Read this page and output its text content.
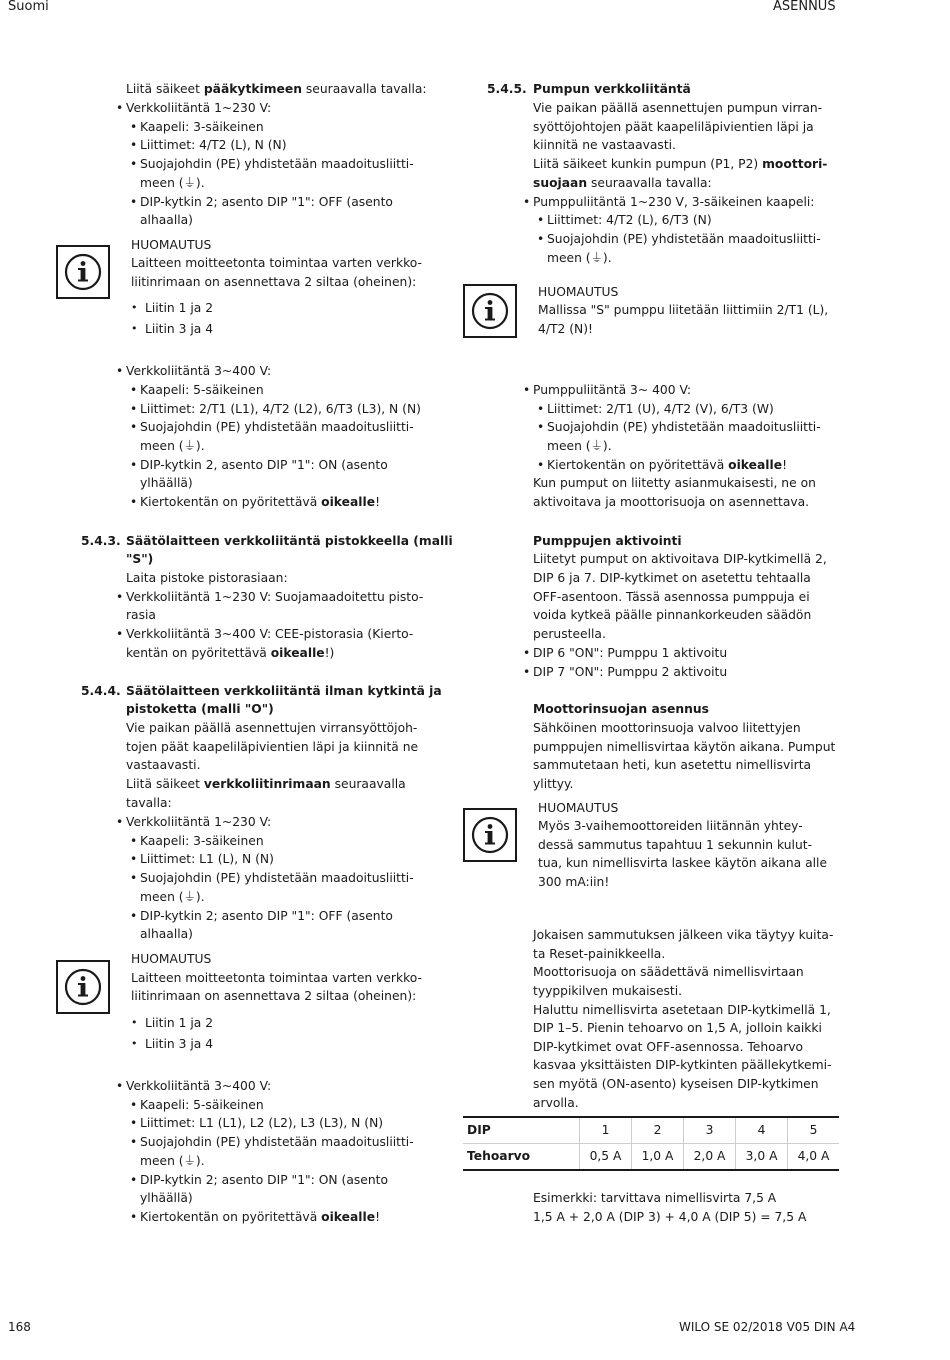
Suomi	ASENNUS
Liitä säikeet pääkytkimeen seuraavalla tavalla:
• Verkkoliitäntä 1~230 V:
• Kaapeli: 3-säikeinen
• Liittimet: 4/T2 (L), N (N)
• Suojajohdin (PE) yhdistetään maadoitusliitti-
meen (⏚).
• DIP-kytkin 2; asento DIP "1": OFF (asento
alhaalla)
HUOMAUTUS
Laitteen moitteetonta toimintaa varten verkko-
liitinrimaan on asennettava 2 siltaa (oheinen):
• Liitin 1 ja 2
• Liitin 3 ja 4
• Verkkoliitäntä 3~400 V:
• Kaapeli: 5-säikeinen
• Liittimet: 2/T1 (L1), 4/T2 (L2), 6/T3 (L3), N (N)
• Suojajohdin (PE) yhdistetään maadoitusliitti-
meen (⏚).
• DIP-kytkin 2, asento DIP "1": ON (asento
ylhäällä)
• Kiertokentän on pyöritettävä oikealle!
5.4.3. Säätölaitteen verkkoliitäntä pistokkeella (malli
"S")
Laita pistoke pistorasiaan:
• Verkkoliitäntä 1~230 V: Suojamaadoitettu pisto-
rasia
• Verkkoliitäntä 3~400 V: CEE-pistorasia (Kierto-
kentän on pyöritettävä oikealle!)
5.4.4. Säätölaitteen verkkoliitäntä ilman kytkintä ja
pistoketta (malli "O")
Vie paikan päällä asennettujen virransyöttöjoh-
tojen päät kaapeliläpivientien läpi ja kiinnitä ne
vastaavasti.
Liitä säikeet verkkoliitinrimaan seuraavalla
tavalla:
• Verkkoliitäntä 1~230 V:
• Kaapeli: 3-säikeinen
• Liittimet: L1 (L), N (N)
• Suojajohdin (PE) yhdistetään maadoitusliitti-
meen (⏚).
• DIP-kytkin 2; asento DIP "1": OFF (asento
alhaalla)
HUOMAUTUS
Laitteen moitteetonta toimintaa varten verkko-
liitinrimaan on asennettava 2 siltaa (oheinen):
• Liitin 1 ja 2
• Liitin 3 ja 4
• Verkkoliitäntä 3~400 V:
• Kaapeli: 5-säikeinen
• Liittimet: L1 (L1), L2 (L2), L3 (L3), N (N)
• Suojajohdin (PE) yhdistetään maadoitusliitti-
meen (⏚).
• DIP-kytkin 2; asento DIP "1": ON (asento
ylhäällä)
• Kiertokentän on pyöritettävä oikealle!
5.4.5. Pumpun verkkoliitäntä
Vie paikan päällä asennettujen pumpun virran-
syöttöjohtojen päät kaapeliläpivientien läpi ja
kiinnitä ne vastaavasti.
Liitä säikeet kunkin pumpun (P1, P2) moottori-
suojaan seuraavalla tavalla:
• Pumppuliitäntä 1~230 V, 3-säikeinen kaapeli:
• Liittimet: 4/T2 (L), 6/T3 (N)
• Suojajohdin (PE) yhdistetään maadoitusliitti-
meen (⏚).
HUOMAUTUS
Mallissa "S" pumppu liitetään liittimiin 2/T1 (L),
4/T2 (N)!
• Pumppuliitäntä 3~ 400 V:
• Liittimet: 2/T1 (U), 4/T2 (V), 6/T3 (W)
• Suojajohdin (PE) yhdistetään maadoitusliitti-
meen (⏚).
• Kiertokentän on pyöritettävä oikealle!
Kun pumput on liitetty asianmukaisesti, ne on
aktivoitava ja moottorisuoja on asennettava.
Pumppujen aktivointi
Liitetyt pumput on aktivoitava DIP-kytkimellä 2,
DIP 6 ja 7. DIP-kytkimet on asetettu tehtaalla
OFF-asentoon. Tässä asennossa pumppuja ei
voida kytkeä päälle pinnankorkeuden säädön
perusteella.
• DIP 6 "ON": Pumppu 1 aktivoitu
• DIP 7 "ON": Pumppu 2 aktivoitu
Moottorinsuojan asennus
Sähköinen moottorinsuoja valvoo liitettyjen
pumppujen nimellisvirtaa käytön aikana. Pumput
sammutetaan heti, kun asetettu nimellisvirta
ylittyy.
HUOMAUTUS
Myös 3-vaihemoottoreiden liitännän yhtey-
dessä sammutus tapahtuu 1 sekunnin kulut-
tua, kun nimellisvirta laskee käytön aikana alle
300 mA:iin!
Jokaisen sammutuksen jälkeen vika täytyy kuita-
ta Reset-painikkeella.
Moottorisuoja on säädettävä nimellisvirtaan
tyyppikilven mukaisesti.
Haluttu nimellisvirta asetetaan DIP-kytkimellä 1,
DIP 1–5. Pienin tehoarvo on 1,5 A, jolloin kaikki
DIP-kytkimet ovat OFF-asennossa. Tehoarvo
kasvaa yksittäisten DIP-kytkinten päällekytkemi-
sen myötä (ON-asento) kyseisen DIP-kytkimen
arvolla.
DIP	1	2	3	4	5
Tehoarvo	0,5 A	1,0 A	2,0 A	3,0 A	4,0 A
Esimerkki: tarvittava nimellisvirta 7,5 A
1,5 A + 2,0 A (DIP 3) + 4,0 A (DIP 5) = 7,5 A
168	WILO SE 02/2018 V05 DIN A4
